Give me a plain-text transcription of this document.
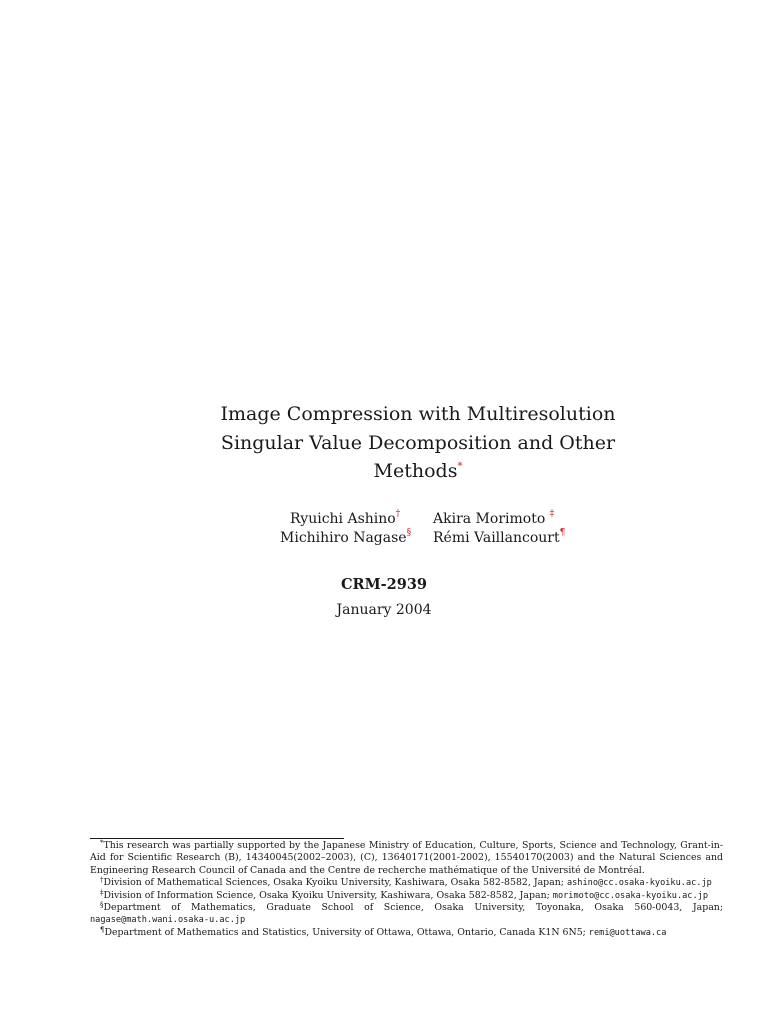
Image Compression with Multiresolution
Singular Value Decomposition and Other
Methods*
Ryuichi Ashino† Akira Morimoto ‡
Michihiro Nagase§ Rémi Vaillancourt¶
CRM-2939
January 2004

*This research was partially supported by the Japanese Ministry of Education, Culture, Sports, Science and Technology, Grant-in-Aid for Scientific Research (B), 14340045(2002–2003), (C), 13640171(2001-2002), 15540170(2003) and the Natural Sciences and Engineering Research Council of Canada and the Centre de recherche mathématique of the Université de Montréal.

†Division of Mathematical Sciences, Osaka Kyoiku University, Kashiwara, Osaka 582-8582, Japan; ashino@cc.osaka-kyoiku.ac.jp

‡Division of Information Science, Osaka Kyoiku University, Kashiwara, Osaka 582-8582, Japan; morimoto@cc.osaka-kyoiku.ac.jp

§Department of Mathematics, Graduate School of Science, Osaka University, Toyonaka, Osaka 560-0043, Japan; nagase@math.wani.osaka-u.ac.jp

¶Department of Mathematics and Statistics, University of Ottawa, Ottawa, Ontario, Canada K1N 6N5; remi@uottawa.ca
